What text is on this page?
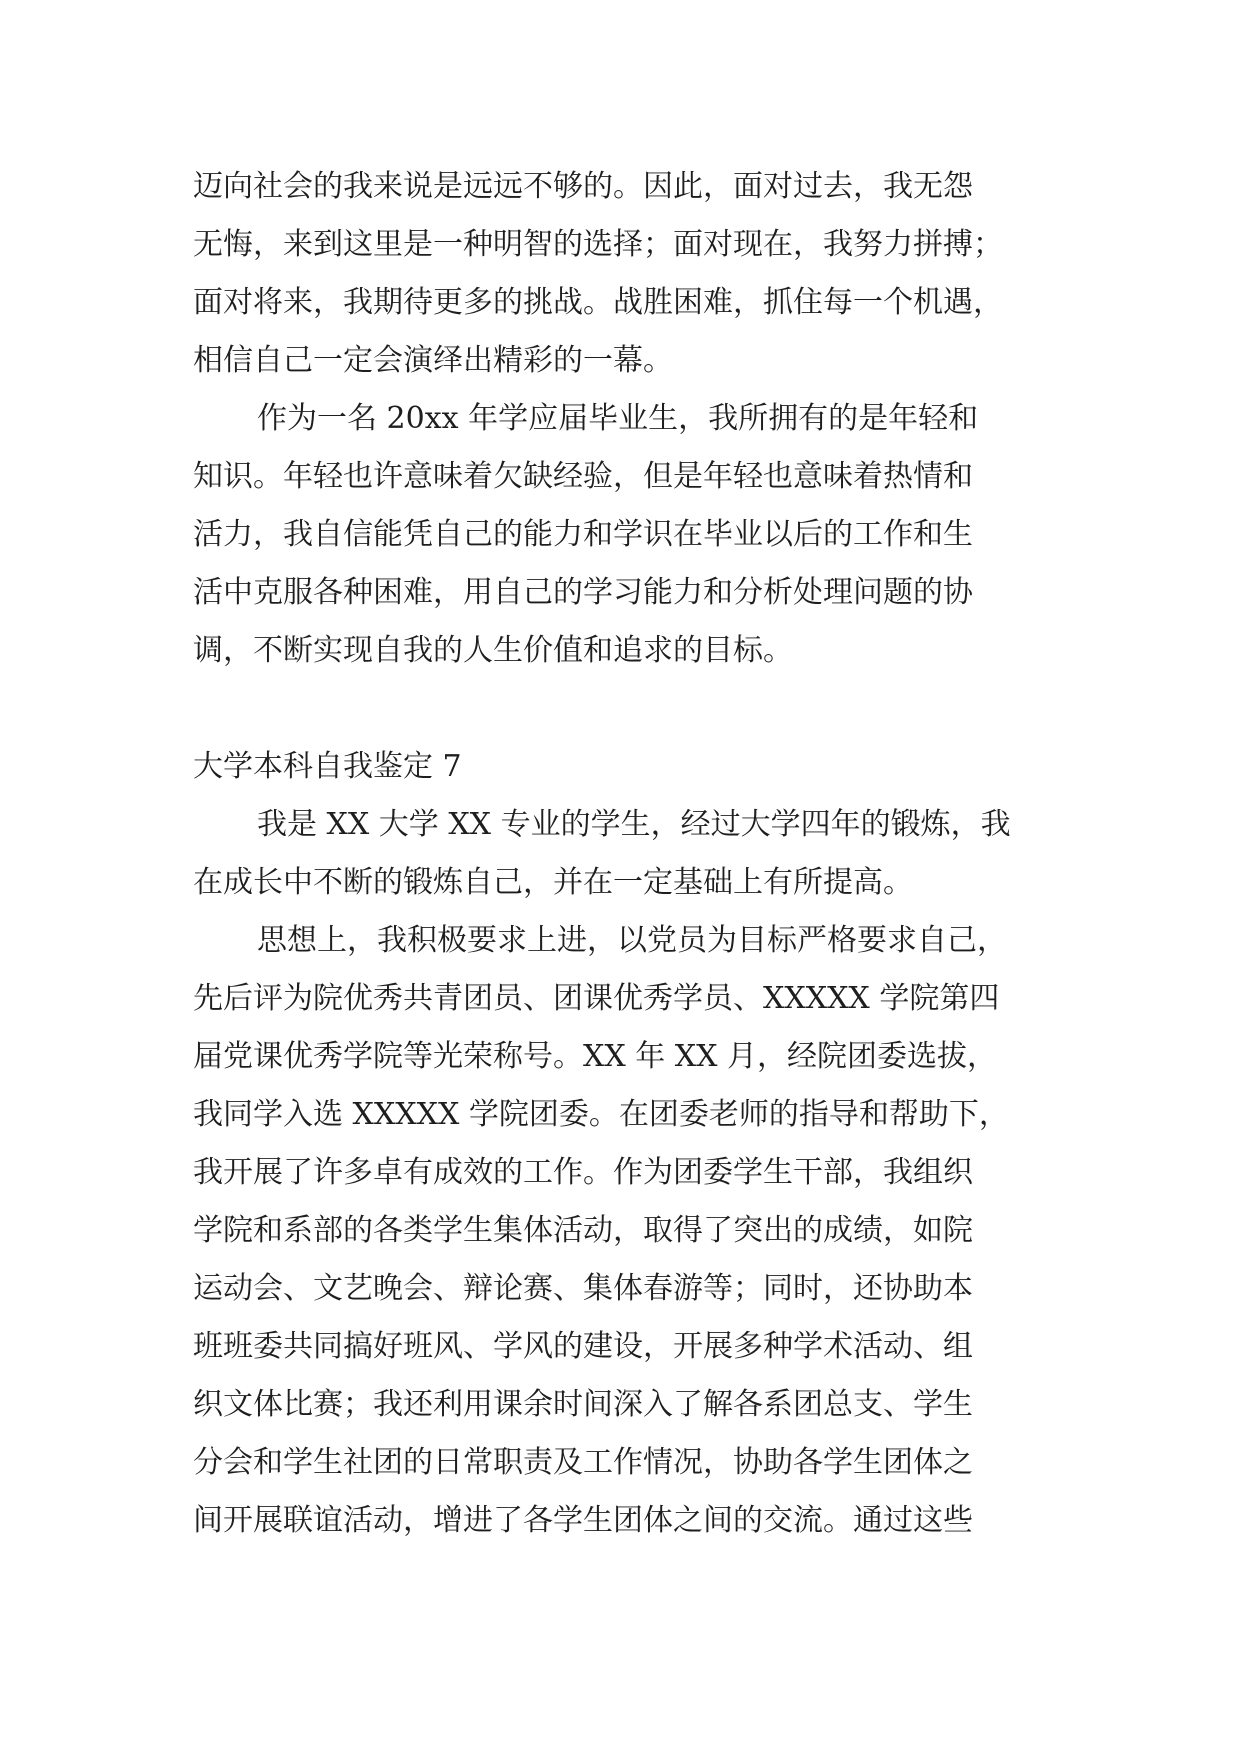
迈向社会的我来说是远远不够的。因此，面对过去，我无怨
无悔，来到这里是一种明智的选择；面对现在，我努力拼搏；
面对将来，我期待更多的挑战。战胜困难，抓住每一个机遇，
相信自己一定会演绎出精彩的一幕。
作为一名 20xx 年学应届毕业生，我所拥有的是年轻和
知识。年轻也许意味着欠缺经验，但是年轻也意味着热情和
活力，我自信能凭自己的能力和学识在毕业以后的工作和生
活中克服各种困难，用自己的学习能力和分析处理问题的协
调，不断实现自我的人生价值和追求的目标。
大学本科自我鉴定 7
我是 XX 大学 XX 专业的学生，经过大学四年的锻炼，我
在成长中不断的锻炼自己，并在一定基础上有所提高。
思想上，我积极要求上进，以党员为目标严格要求自己，
先后评为院优秀共青团员、团课优秀学员、XXXXX 学院第四
届党课优秀学院等光荣称号。XX 年 XX 月，经院团委选拔，
我同学入选 XXXXX 学院团委。在团委老师的指导和帮助下，
我开展了许多卓有成效的工作。作为团委学生干部，我组织
学院和系部的各类学生集体活动，取得了突出的成绩，如院
运动会、文艺晚会、辩论赛、集体春游等；同时，还协助本
班班委共同搞好班风、学风的建设，开展多种学术活动、组
织文体比赛；我还利用课余时间深入了解各系团总支、学生
分会和学生社团的日常职责及工作情况，协助各学生团体之
间开展联谊活动，增进了各学生团体之间的交流。通过这些
